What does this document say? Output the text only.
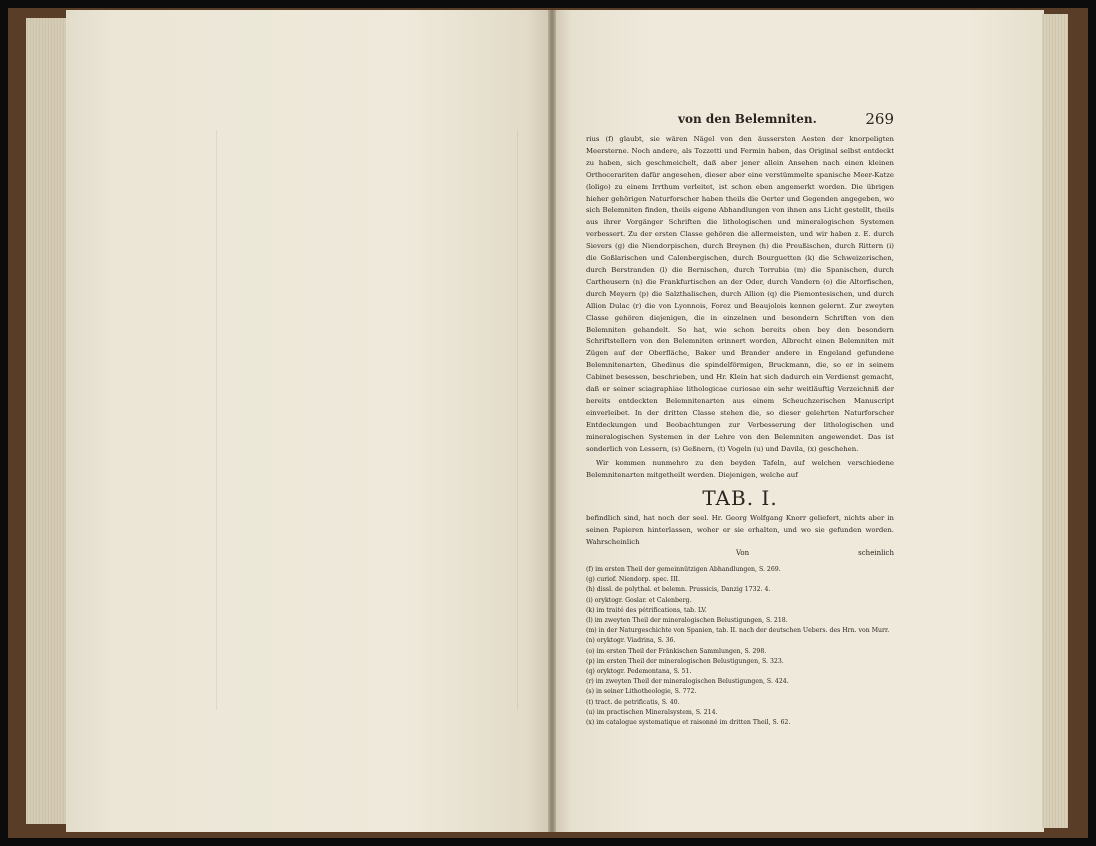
von den Belemniten.	269

rius (f) glaubt, sie wären Nägel von den äussersten Aesten der knorpeligten Meersterne. Noch andere, als Tozzetti und Fermin haben, das Original selbst entdeckt zu haben, sich geschmeichelt, daß aber jener allein Ansehen nach einen kleinen Orthocerariten dafür angesehen, dieser aber eine verstümmelte spanische Meer-Katze (loligo) zu einem Irrthum verleitet, ist schon eben angemerkt worden. Die übrigen hieher gehörigen Naturforscher haben theils die Oerter und Gegenden angegeben, wo sich Belemniten finden, theils eigene Abhandlungen von ihnen ans Licht gestellt, theils aus ihrer Vorgänger Schriften die lithologischen und mineralogischen Systemen verbessert. Zu der ersten Classe gehören die allermeisten, und wir haben z. E. durch Sievers (g) die Niendorpischen, durch Breynen (h) die Preußischen, durch Rittern (i) die Goßlarischen und Calenbergischen, durch Bourguetten (k) die Schweizerischen, durch Berstranden (l) die Bernischen, durch Torrubia (m) die Spanischen, durch Cartheusern (n) die Frankfurtischen an der Oder, durch Vandern (o) die Altorfischen, durch Meyern (p) die Salzthalischen, durch Allion (q) die Piemontesischen, und durch Allion Dulac (r) die von Lyonnois, Forez und Beaujolois kennen gelernt. Zur zweyten Classe gehören diejenigen, die in einzelnen und besondern Schriften von den Belemniten gehandelt. So hat, wie schon bereits oben bey den besondern Schriftstellern von den Belemniten erinnert worden, Albrecht einen Belemniten mit Zügen auf der Oberfläche, Baker und Brander andere in Engeland gefundene Belemnitenarten, Ghedinus die spindelförmigen, Bruckmann, die, so er in seinem Cabinet besessen, beschrieben, und Hr. Klein hat sich dadurch ein Verdienst gemacht, daß er seiner sciagraphiae lithologicae curiosae ein sehr weitläuftig Verzeichniß der bereits entdeckten Belemnitenarten aus einem Scheuchzerischen Manuscript einverleibet. In der dritten Classe stehen die, so dieser gelehrten Naturforscher Entdeckungen und Beobachtungen zur Verbesserung der lithologischen und mineralogischen Systemen in der Lehre von den Belemniten angewendet. Das ist sonderlich von Lessern, (s) Geßnern, (t) Vogeln (u) und Davila, (x) geschehen.

Wir kommen nunmehro zu den beyden Tafeln, auf welchen verschiedene Belemnitenarten mitgetheilt werden. Diejenigen, welche auf

TAB. I.

befindlich sind, hat noch der seel. Hr. Georg Wolfgang Knorr geliefert, nichts aber in seinen Papieren hinterlassen, woher er sie erhalten, und wo sie gefunden worden. Wahrscheinlich

Von	scheinlich
(f) im ersten Theil der gemeinnützigen Abhandlungen, S. 269.
(g) curiof. Niendorp. spec. III.
(h) dissl. de polythal. et belemn. Prussicis, Danzig 1732. 4.
(i) oryktogr. Goslar. et Calenberg.
(k) im traité des pétrifications, tab. LV.
(l) im zweyten Theil der mineralogischen Belustigungen, S. 218.
(m) in der Naturgeschichte von Spanien, tab. II. nach der deutschen Uebers. des Hrn. von Murr.
(n) oryktogr. Viadrina, S. 36.
(o) im ersten Theil der Fränkischen Sammlungen, S. 298.
(p) im ersten Theil der mineralogischen Belustigungen, S. 323.
(q) oryktogr. Pedemontana, S. 51.
(r) im zweyten Theil der mineralogischen Belustigungen, S. 424.
(s) in seiner Lithotheologie, S. 772.
(t) tract. de petrificatis, S. 40.
(u) im practischen Mineralsystem, S. 214.
(x) im catalogue systematique et raisonné im dritten Theil, S. 62.
